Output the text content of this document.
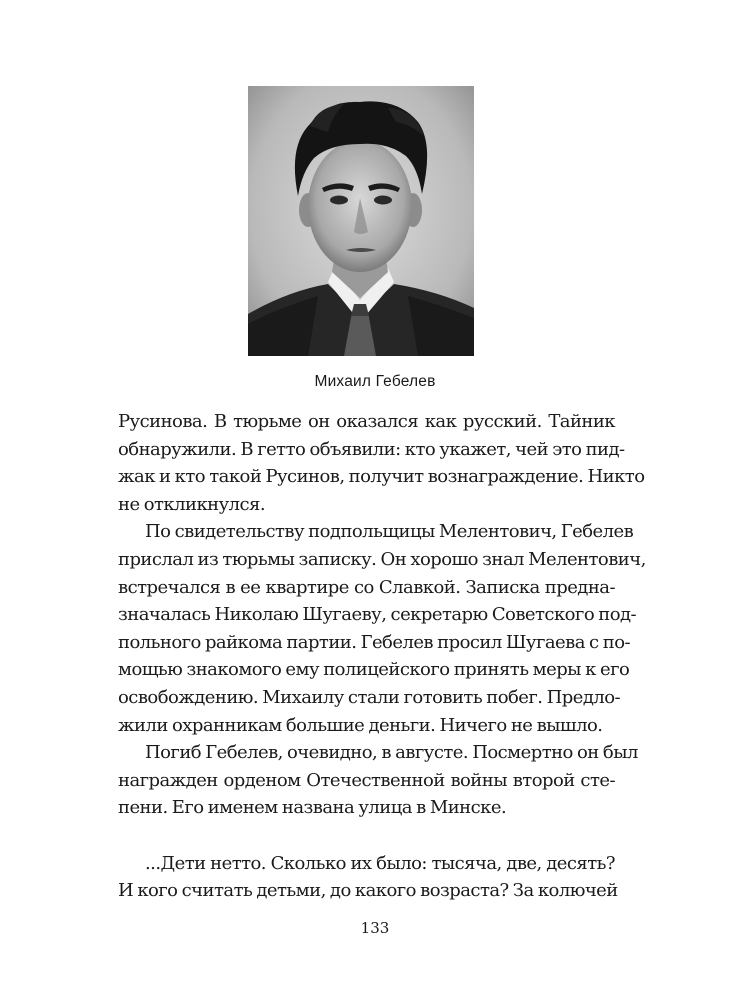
Михаил Гебелев
Русинова. В тюрьме он оказался как русский. Тайник
обнаружили. В гетто объявили: кто укажет, чей это пид-
жак и кто такой Русинов, получит вознаграждение. Никто
не откликнулся.
По свидетельству подпольщицы Мелентович, Гебелев
прислал из тюрьмы записку. Он хорошо знал Мелентович,
встречался в ее квартире со Славкой. Записка предна-
значалась Николаю Шугаеву, секретарю Советского под-
польного райкома партии. Гебелев просил Шугаева с по-
мощью знакомого ему полицейского принять меры к его
освобождению. Михаилу стали готовить побег. Предло-
жили охранникам большие деньги. Ничего не вышло.
Погиб Гебелев, очевидно, в августе. Посмертно он был
награжден орденом Отечественной войны второй сте-
пени. Его именем названа улица в Минске.
...Дети нетто. Сколько их было: тысяча, две, десять?
И кого считать детьми, до какого возраста? За колючей
133
